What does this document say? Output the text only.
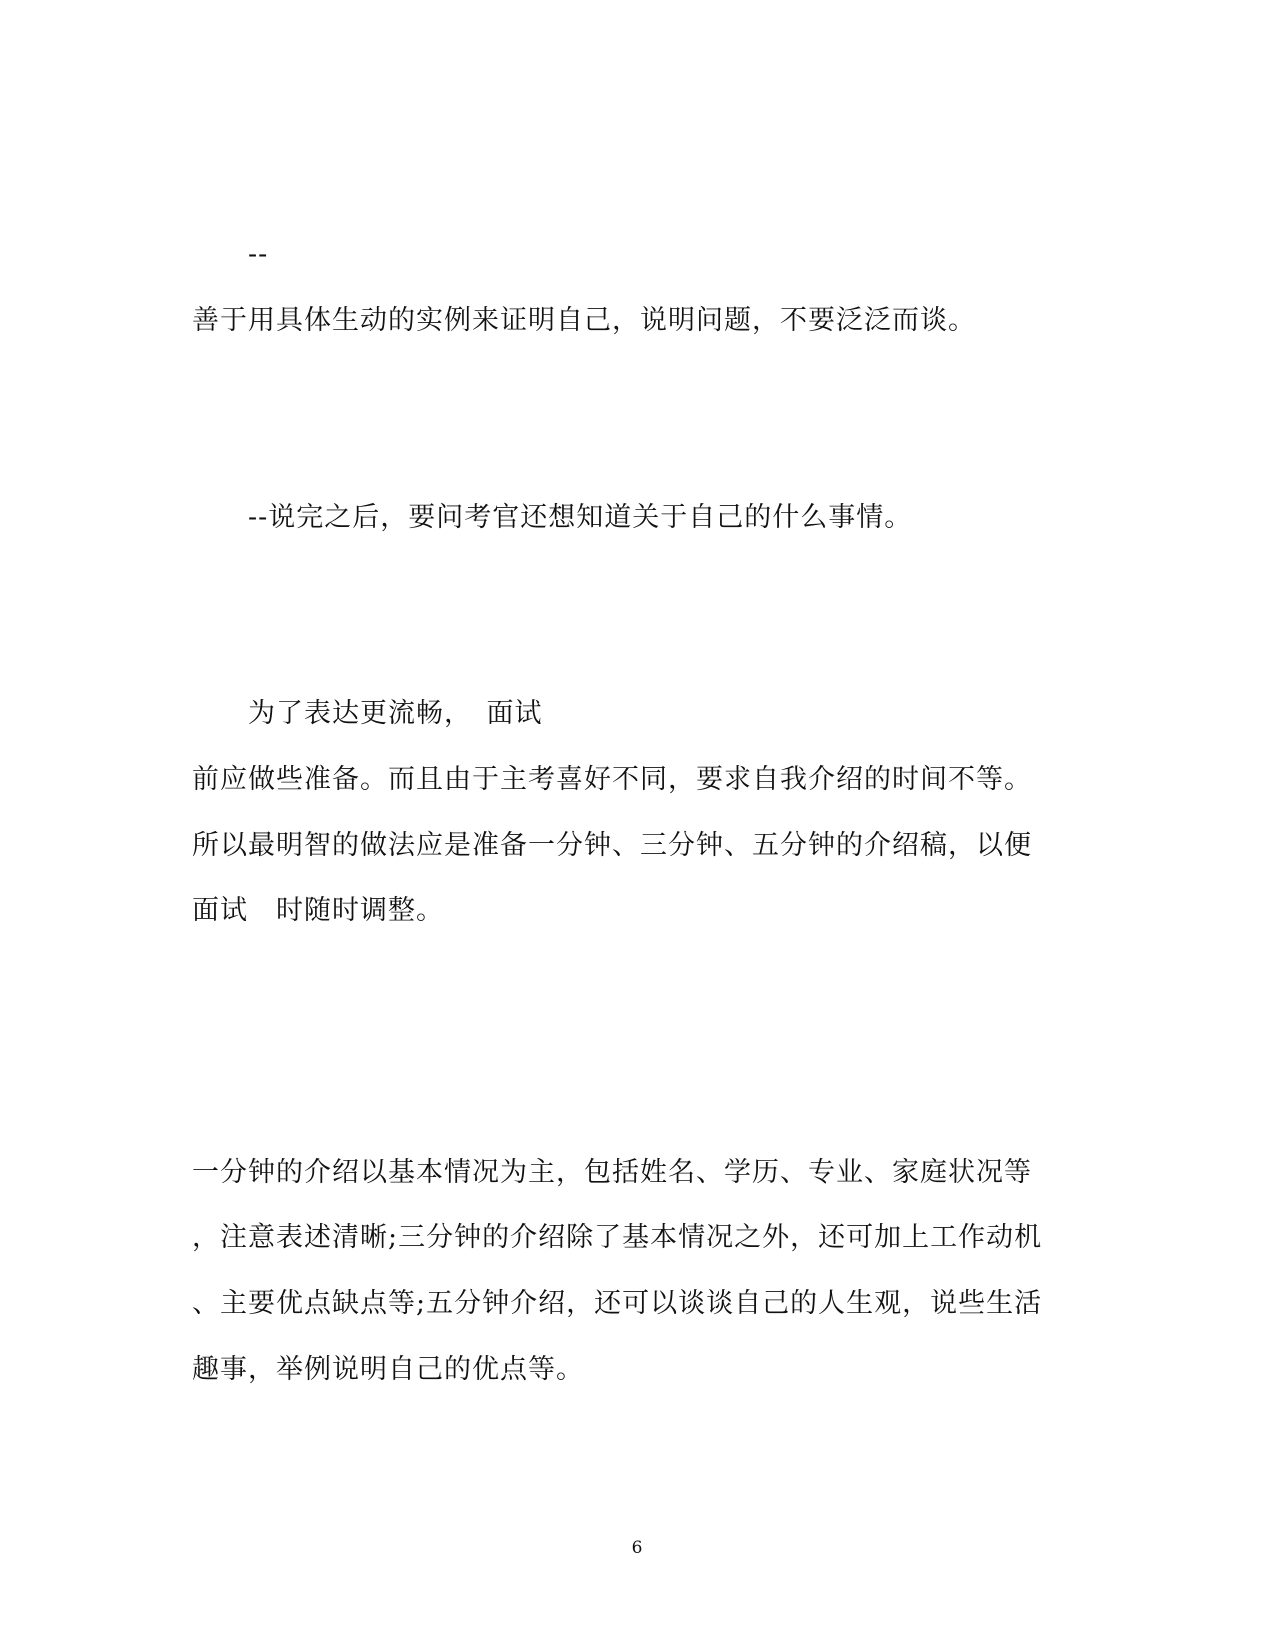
--
善于用具体生动的实例来证明自己，说明问题，不要泛泛而谈。
--说完之后，要问考官还想知道关于自己的什么事情。
为了表达更流畅，　面试
前应做些准备。而且由于主考喜好不同，要求自我介绍的时间不等。
所以最明智的做法应是准备一分钟、三分钟、五分钟的介绍稿，以便
面试　时随时调整。
一分钟的介绍以基本情况为主，包括姓名、学历、专业、家庭状况等
，注意表述清晰;三分钟的介绍除了基本情况之外，还可加上工作动机
、主要优点缺点等;五分钟介绍，还可以谈谈自己的人生观，说些生活
趣事，举例说明自己的优点等。
6
